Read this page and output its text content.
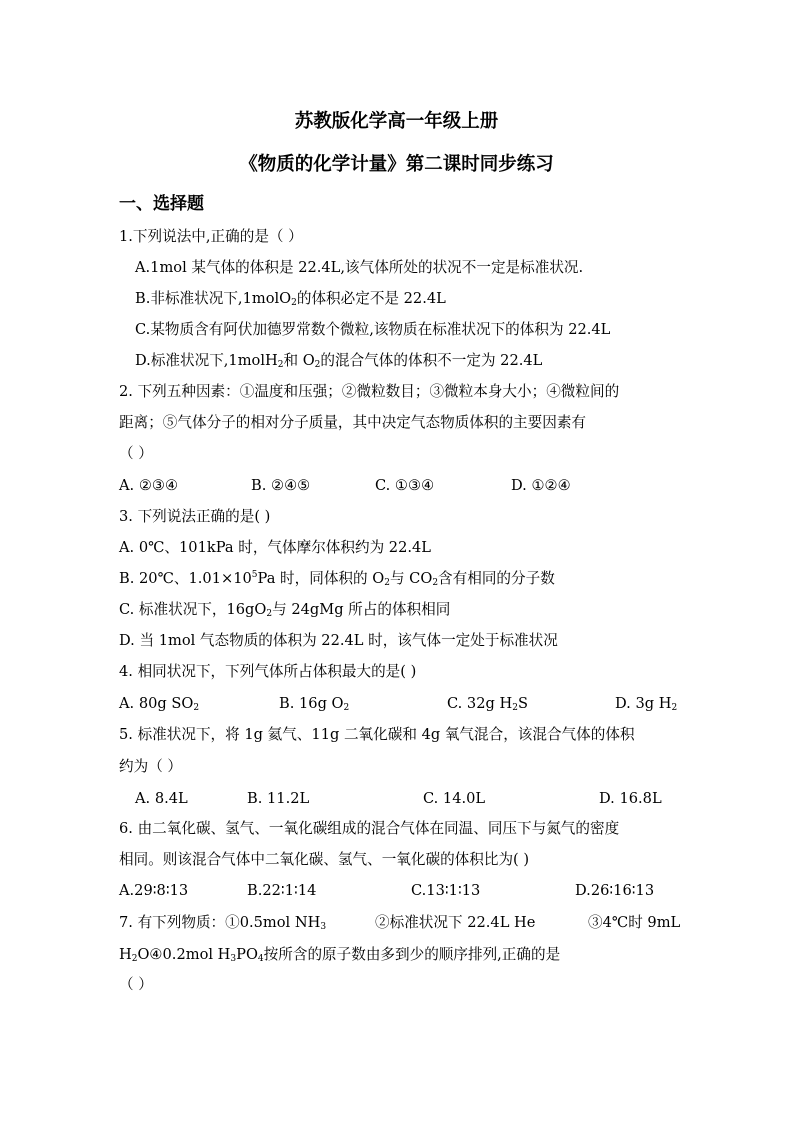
苏教版化学高一年级上册
《物质的化学计量》第二课时同步练习
一、选择题
1.下列说法中,正确的是（ ）
A.1mol 某气体的体积是 22.4L,该气体所处的状况不一定是标准状况.
B.非标准状况下,1molO$_2$的体积必定不是 22.4L
C.某物质含有阿伏加德罗常数个微粒,该物质在标准状况下的体积为 22.4L
D.标准状况下,1molH$_2$和 $O_2$的混合气体的体积不一定为 22.4L
2. 下列五种因素：①温度和压强；②微粒数目；③微粒本身大小；④微粒间的
距离；⑤气体分子的相对分子质量，其中决定气态物质体积的主要因素有
（ ）
A. ②③④	B. ②④⑤	C. ①③④	D. ①②④
3. 下列说法正确的是( )
A. 0℃、101kPa 时，气体摩尔体积约为 22.4L
B. 20℃、$1.01\times 10^5Pa$ 时，同体积的 $O_2$与 $CO_2$含有相同的分子数
C. 标准状况下，$16gO_2$与 24gMg 所占的体积相同
D. 当 1mol 气态物质的体积为 22.4L 时，该气体一定处于标准状况
4. 相同状况下，下列气体所占体积最大的是( )
A. 80g $SO_2$	B. 16g $O_2$	C. 32g $H_2S$	D. 3g $H_2$
5. 标准状况下，将 1g 氦气、11g 二氧化碳和 4g 氧气混合，该混合气体的体积
约为（ ）
A. 8.4L	B. 11.2L	C. 14.0L	D. 16.8L
6. 由二氧化碳、氢气、一氧化碳组成的混合气体在同温、同压下与氮气的密度
相同。则该混合气体中二氧化碳、氢气、一氧化碳的体积比为( )
A.29∶8∶13	B.22∶1∶14	C.13∶1∶13	D.26∶16∶13
7. 有下列物质：①0.5mol $NH_3$	②标准状况下 22.4L He	③4℃时 9mL
$H_2O④0.2mol$ $H_3PO_4$按所含的原子数由多到少的顺序排列,正确的是
（ ）
